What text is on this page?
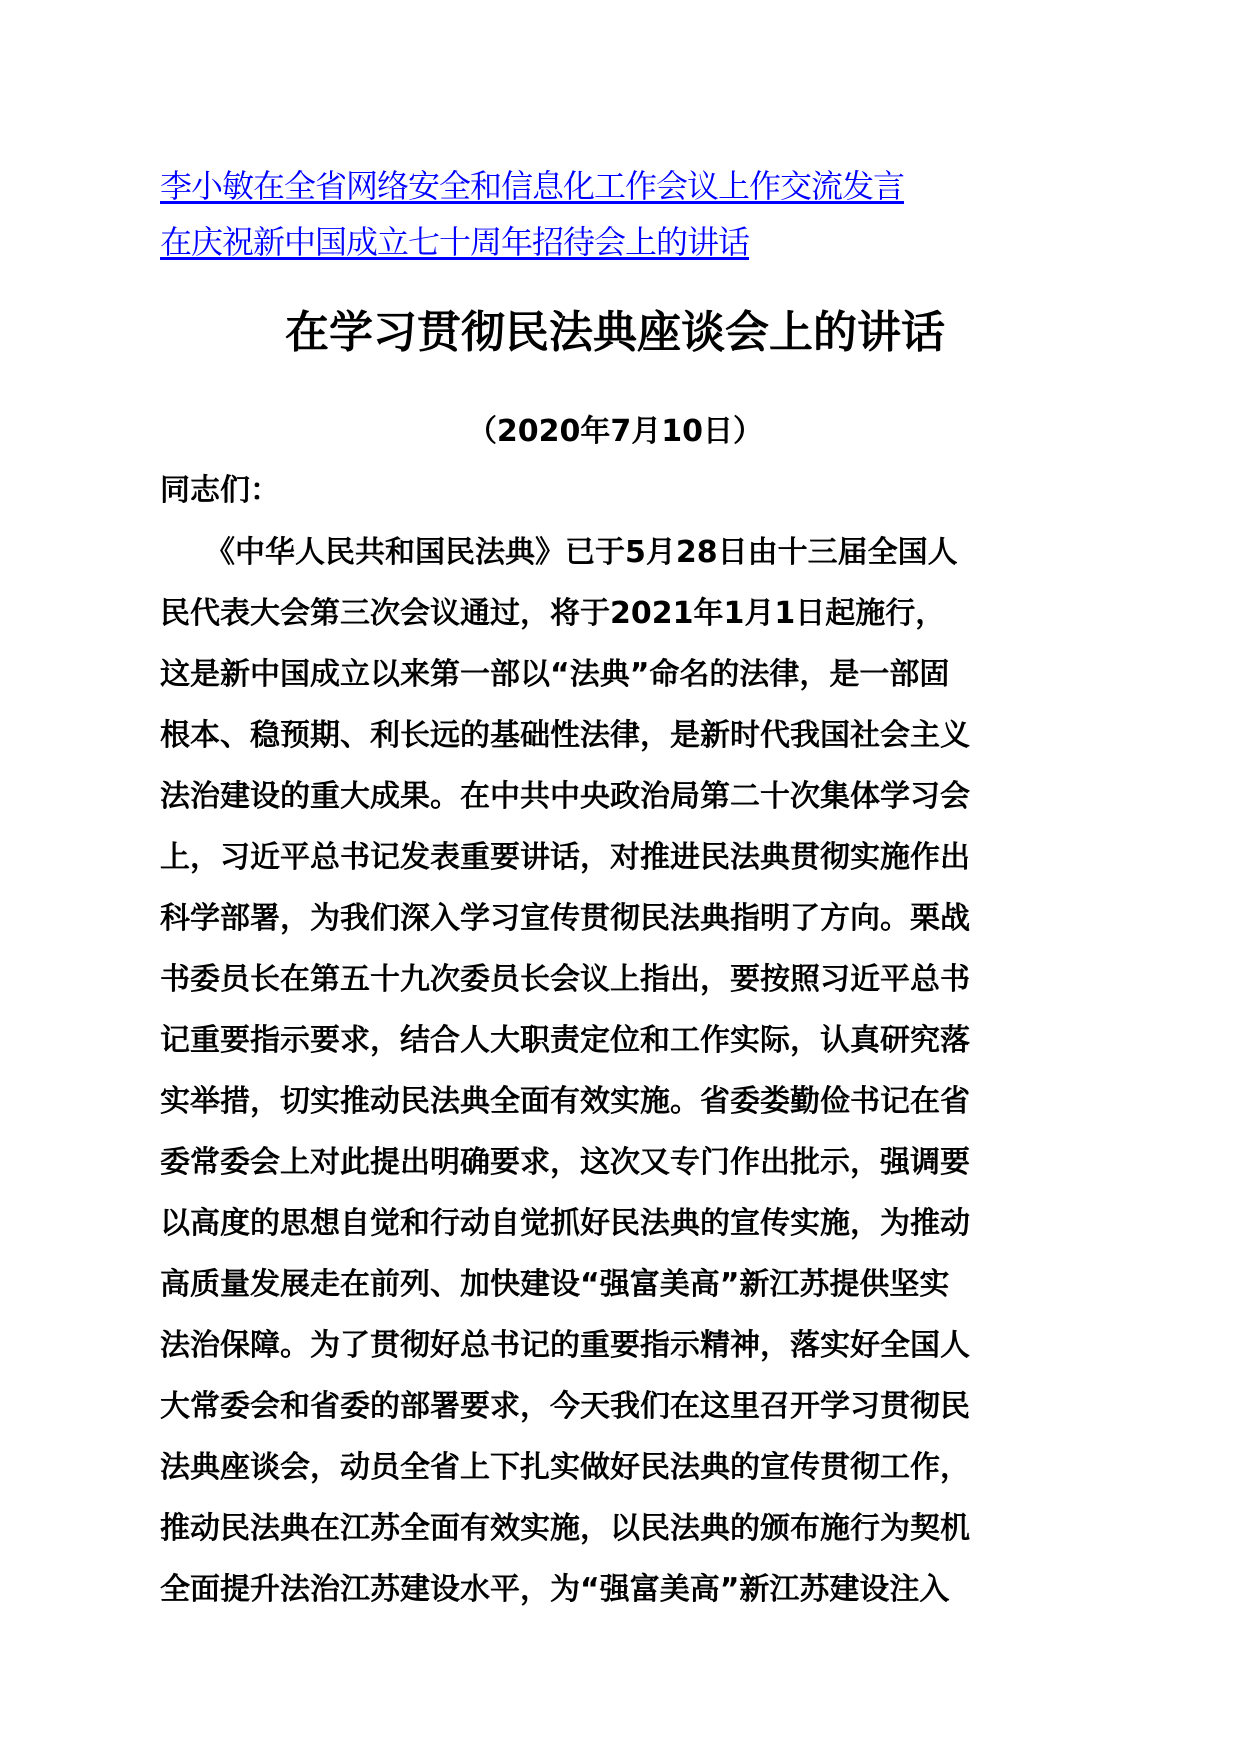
李小敏在全省网络安全和信息化工作会议上作交流发言
在庆祝新中国成立七十周年招待会上的讲话
在学习贯彻民法典座谈会上的讲话
（2020年7月10日）

同志们：

　　《中华人民共和国民法典》已于5月28日由十三届全国人
民代表大会第三次会议通过，将于2021年1月1日起施行，
这是新中国成立以来第一部以“法典”命名的法律，是一部固
根本、稳预期、利长远的基础性法律，是新时代我国社会主义
法治建设的重大成果。在中共中央政治局第二十次集体学习会
上，习近平总书记发表重要讲话，对推进民法典贯彻实施作出
科学部署，为我们深入学习宣传贯彻民法典指明了方向。栗战
书委员长在第五十九次委员长会议上指出，要按照习近平总书
记重要指示要求，结合人大职责定位和工作实际，认真研究落
实举措，切实推动民法典全面有效实施。省委娄勤俭书记在省
委常委会上对此提出明确要求，这次又专门作出批示，强调要
以高度的思想自觉和行动自觉抓好民法典的宣传实施，为推动
高质量发展走在前列、加快建设“强富美高”新江苏提供坚实
法治保障。为了贯彻好总书记的重要指示精神，落实好全国人
大常委会和省委的部署要求，今天我们在这里召开学习贯彻民
法典座谈会，动员全省上下扎实做好民法典的宣传贯彻工作，
推动民法典在江苏全面有效实施，以民法典的颁布施行为契机
全面提升法治江苏建设水平，为“强富美高”新江苏建设注入
